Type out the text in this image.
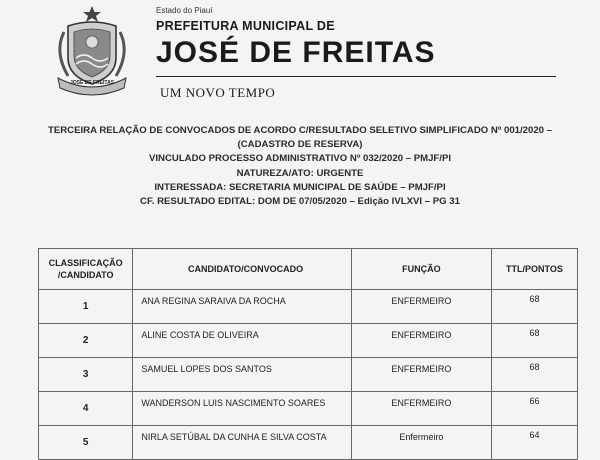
JOSÉ DE FREITAS
Estado do Piauí
PREFEITURA MUNICIPAL DE
JOSÉ DE FREITAS
UM NOVO TEMPO
TERCEIRA RELAÇÃO DE CONVOCADOS DE ACORDO C/RESULTADO SELETIVO SIMPLIFICADO Nº 001/2020 –
(CADASTRO DE RESERVA)
VINCULADO PROCESSO ADMINISTRATIVO Nº 032/2020 – PMJF/PI
NATUREZA/ATO: URGENTE
INTERESSADA: SECRETARIA MUNICIPAL DE SAÚDE – PMJF/PI
CF. RESULTADO EDITAL: DOM DE 07/05/2020 – Edição IVLXVI – PG 31
CLASSIFICAÇÃO
/CANDIDATO	CANDIDATO/CONVOCADO	FUNÇÃO	TTL/PONTOS
1	ANA REGINA SARAIVA DA ROCHA	ENFERMEIRO	68
2	ALINE COSTA DE OLIVEIRA	ENFERMEIRO	68
3	SAMUEL LOPES DOS SANTOS	ENFERMEIRO	68
4	WANDERSON LUIS NASCIMENTO SOARES	ENFERMEIRO	66
5	NIRLA SETÚBAL DA CUNHA E SILVA COSTA	Enfermeiro	64
